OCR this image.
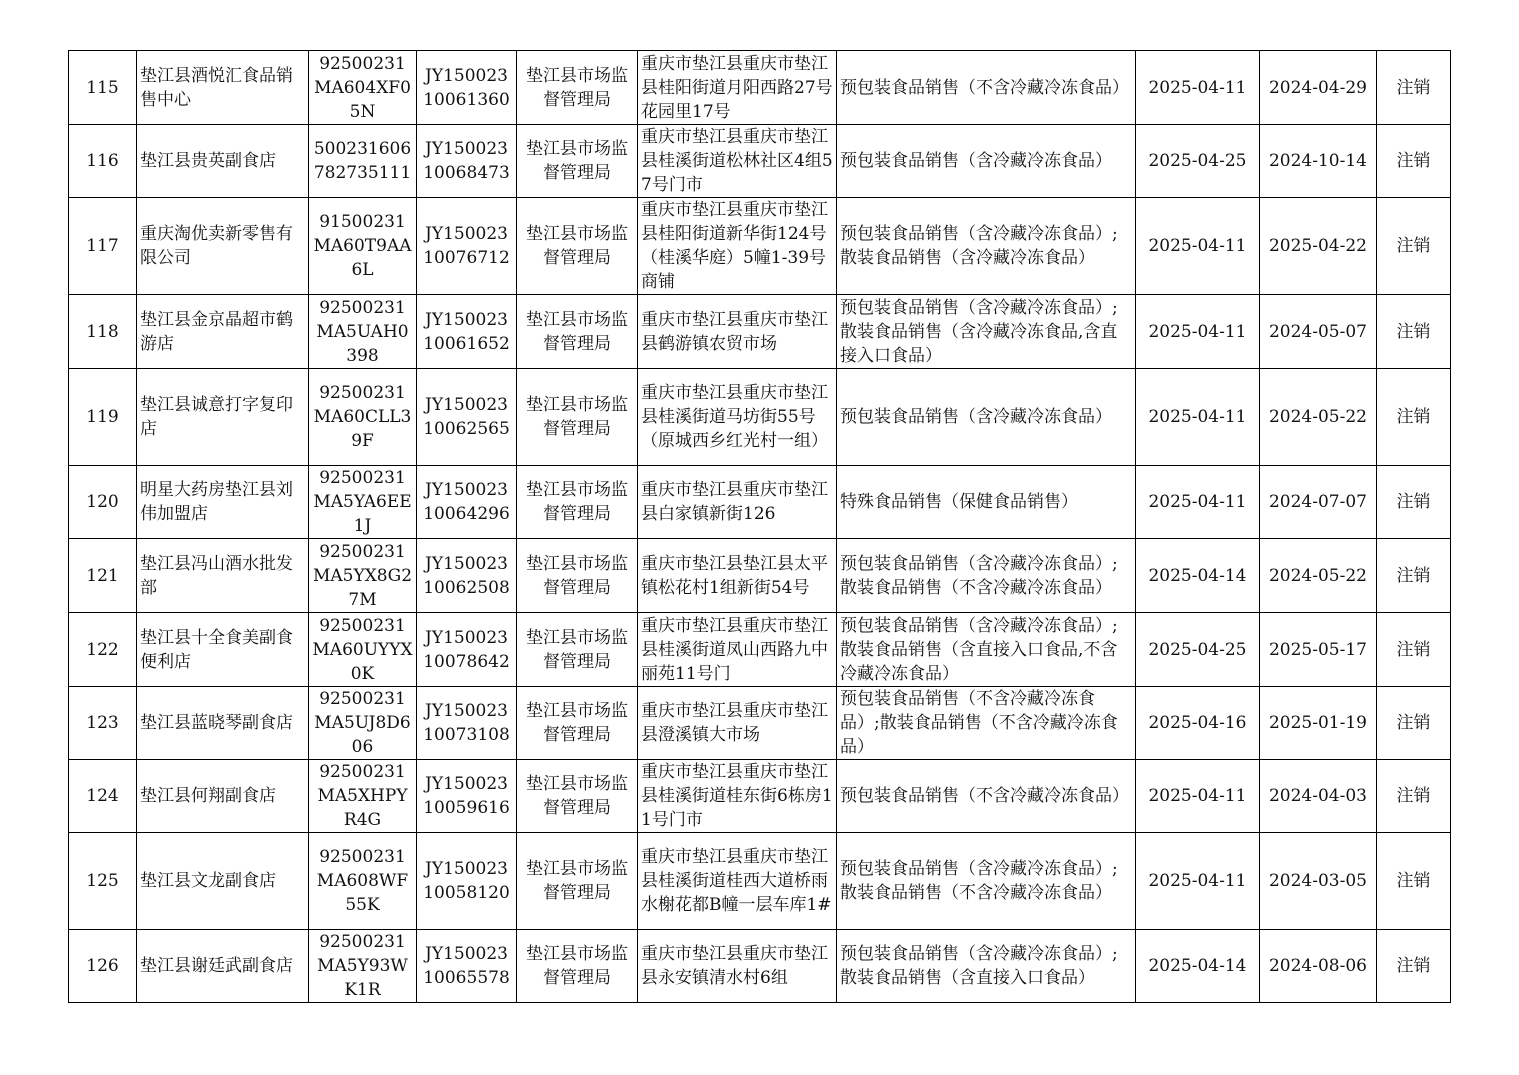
115	垫江县酒悦汇食品销售中心	92500231MA604XF05N	JY15002310061360	垫江县市场监督管理局	重庆市垫江县重庆市垫江县桂阳街道月阳西路27号花园里17号	预包装食品销售（不含冷藏冷冻食品）	2025-04-11	2024-04-29	注销
116	垫江县贵英副食店	500231606782735111	JY15002310068473	垫江县市场监督管理局	重庆市垫江县重庆市垫江县桂溪街道松林社区4组57号门市	预包装食品销售（含冷藏冷冻食品）	2025-04-25	2024-10-14	注销
117	重庆淘优卖新零售有限公司	91500231MA60T9AA6L	JY15002310076712	垫江县市场监督管理局	重庆市垫江县重庆市垫江县桂阳街道新华街124号（桂溪华庭）5幢1-39号商铺	预包装食品销售（含冷藏冷冻食品）;散装食品销售（含冷藏冷冻食品）	2025-04-11	2025-04-22	注销
118	垫江县金京晶超市鹤游店	92500231MA5UAH0398	JY15002310061652	垫江县市场监督管理局	重庆市垫江县重庆市垫江县鹤游镇农贸市场	预包装食品销售（含冷藏冷冻食品）;散装食品销售（含冷藏冷冻食品,含直接入口食品）	2025-04-11	2024-05-07	注销
119	垫江县诚意打字复印店	92500231MA60CLL39F	JY15002310062565	垫江县市场监督管理局	重庆市垫江县重庆市垫江县桂溪街道马坊街55号（原城西乡红光村一组）	预包装食品销售（含冷藏冷冻食品）	2025-04-11	2024-05-22	注销
120	明星大药房垫江县刘伟加盟店	92500231MA5YA6EE1J	JY15002310064296	垫江县市场监督管理局	重庆市垫江县重庆市垫江县白家镇新街126	特殊食品销售（保健食品销售）	2025-04-11	2024-07-07	注销
121	垫江县冯山酒水批发部	92500231MA5YX8G27M	JY15002310062508	垫江县市场监督管理局	重庆市垫江县垫江县太平镇松花村1组新街54号	预包装食品销售（含冷藏冷冻食品）;散装食品销售（不含冷藏冷冻食品）	2025-04-14	2024-05-22	注销
122	垫江县十全食美副食便利店	92500231MA60UYYX0K	JY15002310078642	垫江县市场监督管理局	重庆市垫江县重庆市垫江县桂溪街道凤山西路九中丽苑11号门	预包装食品销售（含冷藏冷冻食品）;散装食品销售（含直接入口食品,不含冷藏冷冻食品）	2025-04-25	2025-05-17	注销
123	垫江县蓝晓琴副食店	92500231MA5UJ8D606	JY15002310073108	垫江县市场监督管理局	重庆市垫江县重庆市垫江县澄溪镇大市场	预包装食品销售（不含冷藏冷冻食品）;散装食品销售（不含冷藏冷冻食品）	2025-04-16	2025-01-19	注销
124	垫江县何翔副食店	92500231MA5XHPYR4G	JY15002310059616	垫江县市场监督管理局	重庆市垫江县重庆市垫江县桂溪街道桂东街6栋房11号门市	预包装食品销售（不含冷藏冷冻食品）	2025-04-11	2024-04-03	注销
125	垫江县文龙副食店	92500231MA608WF55K	JY15002310058120	垫江县市场监督管理局	重庆市垫江县重庆市垫江县桂溪街道桂西大道桥雨水榭花都B幢一层车库1#	预包装食品销售（含冷藏冷冻食品）;散装食品销售（不含冷藏冷冻食品）	2025-04-11	2024-03-05	注销
126	垫江县谢廷武副食店	92500231MA5Y93WK1R	JY15002310065578	垫江县市场监督管理局	重庆市垫江县重庆市垫江县永安镇清水村6组	预包装食品销售（含冷藏冷冻食品）;散装食品销售（含直接入口食品）	2025-04-14	2024-08-06	注销
